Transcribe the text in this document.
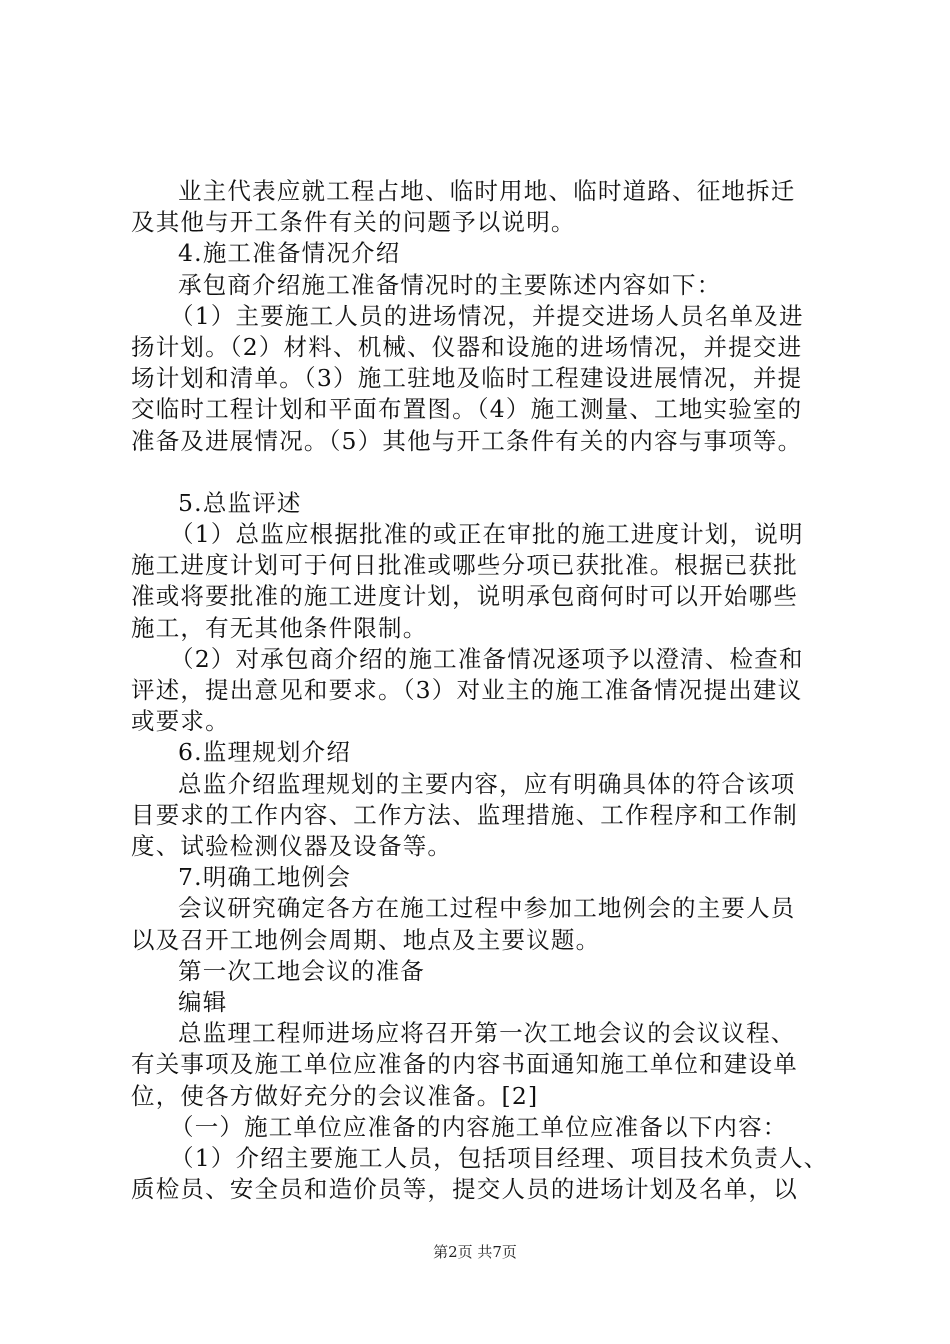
业主代表应就工程占地、临时用地、临时道路、征地拆迁

及其他与开工条件有关的问题予以说明。

4.施工准备情况介绍

承包商介绍施工准备情况时的主要陈述内容如下：

（1）主要施工人员的进场情况，并提交进场人员名单及进

扬计划。（2）材料、机械、仪器和设施的进场情况，并提交进

场计划和清单。（3）施工驻地及临时工程建设进展情况，并提

交临时工程计划和平面布置图。（4）施工测量、工地实验室的

准备及进展情况。（5）其他与开工条件有关的内容与事项等。

5.总监评述

（1）总监应根据批准的或正在审批的施工进度计划，说明

施工进度计划可于何日批准或哪些分项已获批准。根据已获批

准或将要批准的施工进度计划，说明承包商何时可以开始哪些

施工，有无其他条件限制。

（2）对承包商介绍的施工准备情况逐项予以澄清、检查和

评述，提出意见和要求。（3）对业主的施工准备情况提出建议

或要求。

6.监理规划介绍

总监介绍监理规划的主要内容，应有明确具体的符合该项

目要求的工作内容、工作方法、监理措施、工作程序和工作制

度、试验检测仪器及设备等。

7.明确工地例会

会议研究确定各方在施工过程中参加工地例会的主要人员

以及召开工地例会周期、地点及主要议题。

第一次工地会议的准备

编辑

总监理工程师进场应将召开第一次工地会议的会议议程、

有关事项及施工单位应准备的内容书面通知施工单位和建设单

位，使各方做好充分的会议准备。[2]

（一）施工单位应准备的内容施工单位应准备以下内容：

（1）介绍主要施工人员，包括项目经理、项目技术负责人、

质检员、安全员和造价员等，提交人员的进场计划及名单，以

第2页 共7页
